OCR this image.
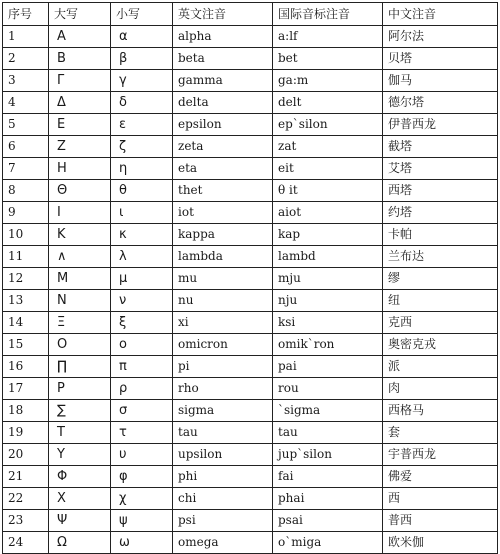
序号	大写	小写	英文注音	国际音标注音	中文注音
1	Α	α	alpha	a:lf	阿尔法
2	Β	β	beta	bet	贝塔
3	Γ	γ	gamma	ga:m	伽马
4	Δ	δ	delta	delt	德尔塔
5	Ε	ε	epsilon	ep`silon	伊普西龙
6	Ζ	ζ	zeta	zat	截塔
7	Η	η	eta	eit	艾塔
8	Θ	θ	thet	θ it	西塔
9	Ι	ι	iot	aiot	约塔
10	Κ	κ	kappa	kap	卡帕
11	∧	λ	lambda	lambd	兰布达
12	Μ	μ	mu	mju	缪
13	Ν	ν	nu	nju	纽
14	Ξ	ξ	xi	ksi	克西
15	Ο	ο	omicron	omik`ron	奥密克戎
16	∏	π	pi	pai	派
17	Ρ	ρ	rho	rou	肉
18	∑	σ	sigma	`sigma	西格马
19	Τ	τ	tau	tau	套
20	Υ	υ	upsilon	jup`silon	宇普西龙
21	Φ	φ	phi	fai	佛爱
22	Χ	χ	chi	phai	西
23	Ψ	ψ	psi	psai	普西
24	Ω	ω	omega	o`miga	欧米伽
